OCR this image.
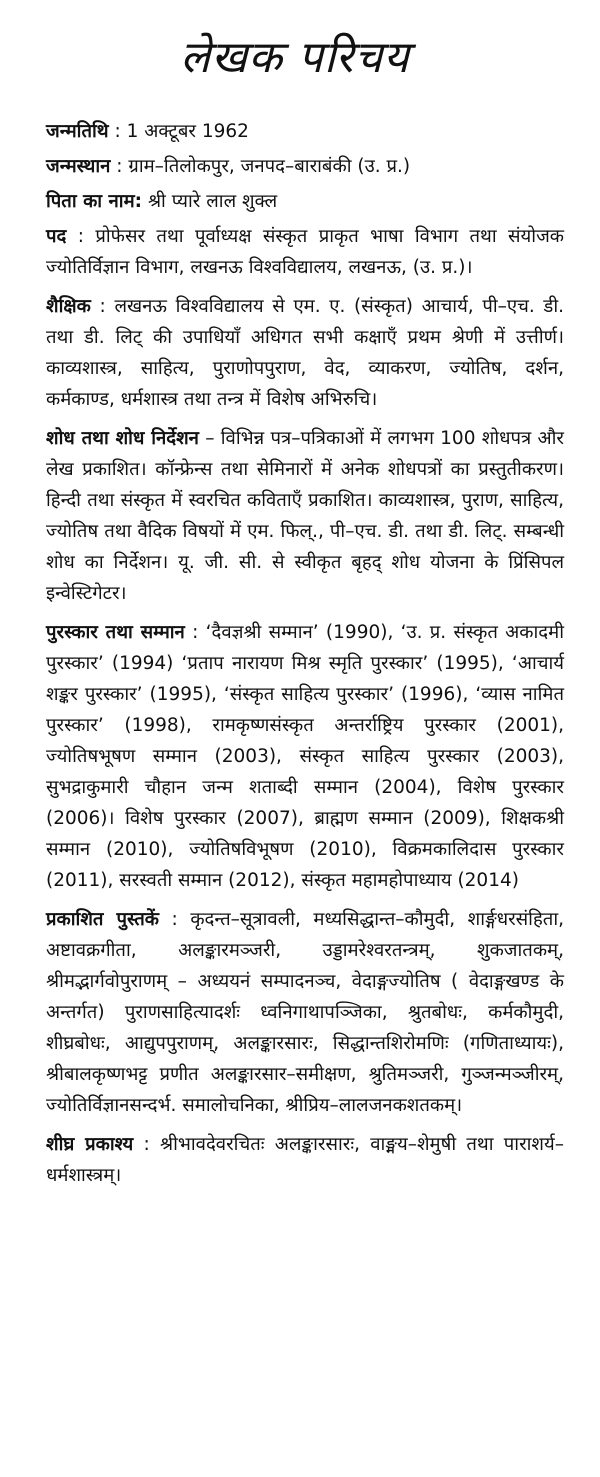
लेखक परिचय

जन्मतिथि : 1 अक्टूबर 1962

जन्मस्थान : ग्राम–तिलोकपुर, जनपद–बाराबंकी (उ. प्र.)

पिता का नाम: श्री प्यारे लाल शुक्ल

पद : प्रोफेसर तथा पूर्वाध्यक्ष संस्कृत प्राकृत भाषा विभाग तथा संयोजक ज्योतिर्विज्ञान विभाग, लखनऊ विश्वविद्यालय, लखनऊ, (उ. प्र.)।

शैक्षिक : लखनऊ विश्वविद्यालय से एम. ए. (संस्कृत) आचार्य, पी–एच. डी. तथा डी. लिट् की उपाधियाँ अधिगत सभी कक्षाएँ प्रथम श्रेणी में उत्तीर्ण। काव्यशास्त्र, साहित्य, पुराणोपपुराण, वेद, व्याकरण, ज्योतिष, दर्शन, कर्मकाण्ड, धर्मशास्त्र तथा तन्त्र में विशेष अभिरुचि।

शोध तथा शोध निर्देशन – विभिन्न पत्र–पत्रिकाओं में लगभग 100 शोधपत्र और लेख प्रकाशित। कॉन्फ्रेन्स तथा सेमिनारों में अनेक शोधपत्रों का प्रस्तुतीकरण। हिन्दी तथा संस्कृत में स्वरचित कविताएँ प्रकाशित। काव्यशास्त्र, पुराण, साहित्य, ज्योतिष तथा वैदिक विषयों में एम. फिल्., पी–एच. डी. तथा डी. लिट्. सम्बन्धी शोध का निर्देशन। यू. जी. सी. से स्वीकृत बृहद् शोध योजना के प्रिंसिपल इन्वेस्टिगेटर।

पुरस्कार तथा सम्मान : ‘दैवज्ञश्री सम्मान’ (1990), ‘उ. प्र. संस्कृत अकादमी पुरस्कार’ (1994) ‘प्रताप नारायण मिश्र स्मृति पुरस्कार’ (1995), ‘आचार्य शङ्कर पुरस्कार’ (1995), ‘संस्कृत साहित्य पुरस्कार’ (1996), ‘व्यास नामित पुरस्कार’ (1998), रामकृष्णसंस्कृत अन्तर्राष्ट्रिय पुरस्कार (2001), ज्योतिषभूषण सम्मान (2003), संस्कृत साहित्य पुरस्कार (2003), सुभद्राकुमारी चौहान जन्म शताब्दी सम्मान (2004), विशेष पुरस्कार (2006)। विशेष पुरस्कार (2007), ब्राह्मण सम्मान (2009), शिक्षकश्री सम्मान (2010), ज्योतिषविभूषण (2010), विक्रमकालिदास पुरस्कार (2011), सरस्वती सम्मान (2012), संस्कृत महामहोपाध्याय (2014)

प्रकाशित पुस्तकें : कृदन्त–सूत्रावली, मध्यसिद्धान्त–कौमुदी, शार्ङ्गधरसंहिता, अष्टावक्रगीता, अलङ्कारमञ्जरी, उड्डामरेश्वरतन्त्रम्, शुकजातकम्, श्रीमद्भार्गवोपुराणम् – अध्ययनं सम्पादनञ्च, वेदाङ्गज्योतिष ( वेदाङ्गखण्ड के अन्तर्गत) पुराणसाहित्यादर्शः ध्वनिगाथापञ्जिका, श्रुतबोधः, कर्मकौमुदी, शीघ्रबोधः, आद्युपपुराणम्, अलङ्कारसारः, सिद्धान्तशिरोमणिः (गणिताध्यायः), श्रीबालकृष्णभट्ट प्रणीत अलङ्कारसार–समीक्षण, श्रुतिमञ्जरी, गुञ्जन्मञ्जीरम्, ज्योतिर्विज्ञानसन्दर्भ. समालोचनिका, श्रीप्रिय–लालजनकशतकम्।

शीघ्र प्रकाश्य : श्रीभावदेवरचितः अलङ्कारसारः, वाङ्मय–शेमुषी तथा पाराशर्य–धर्मशास्त्रम्।
